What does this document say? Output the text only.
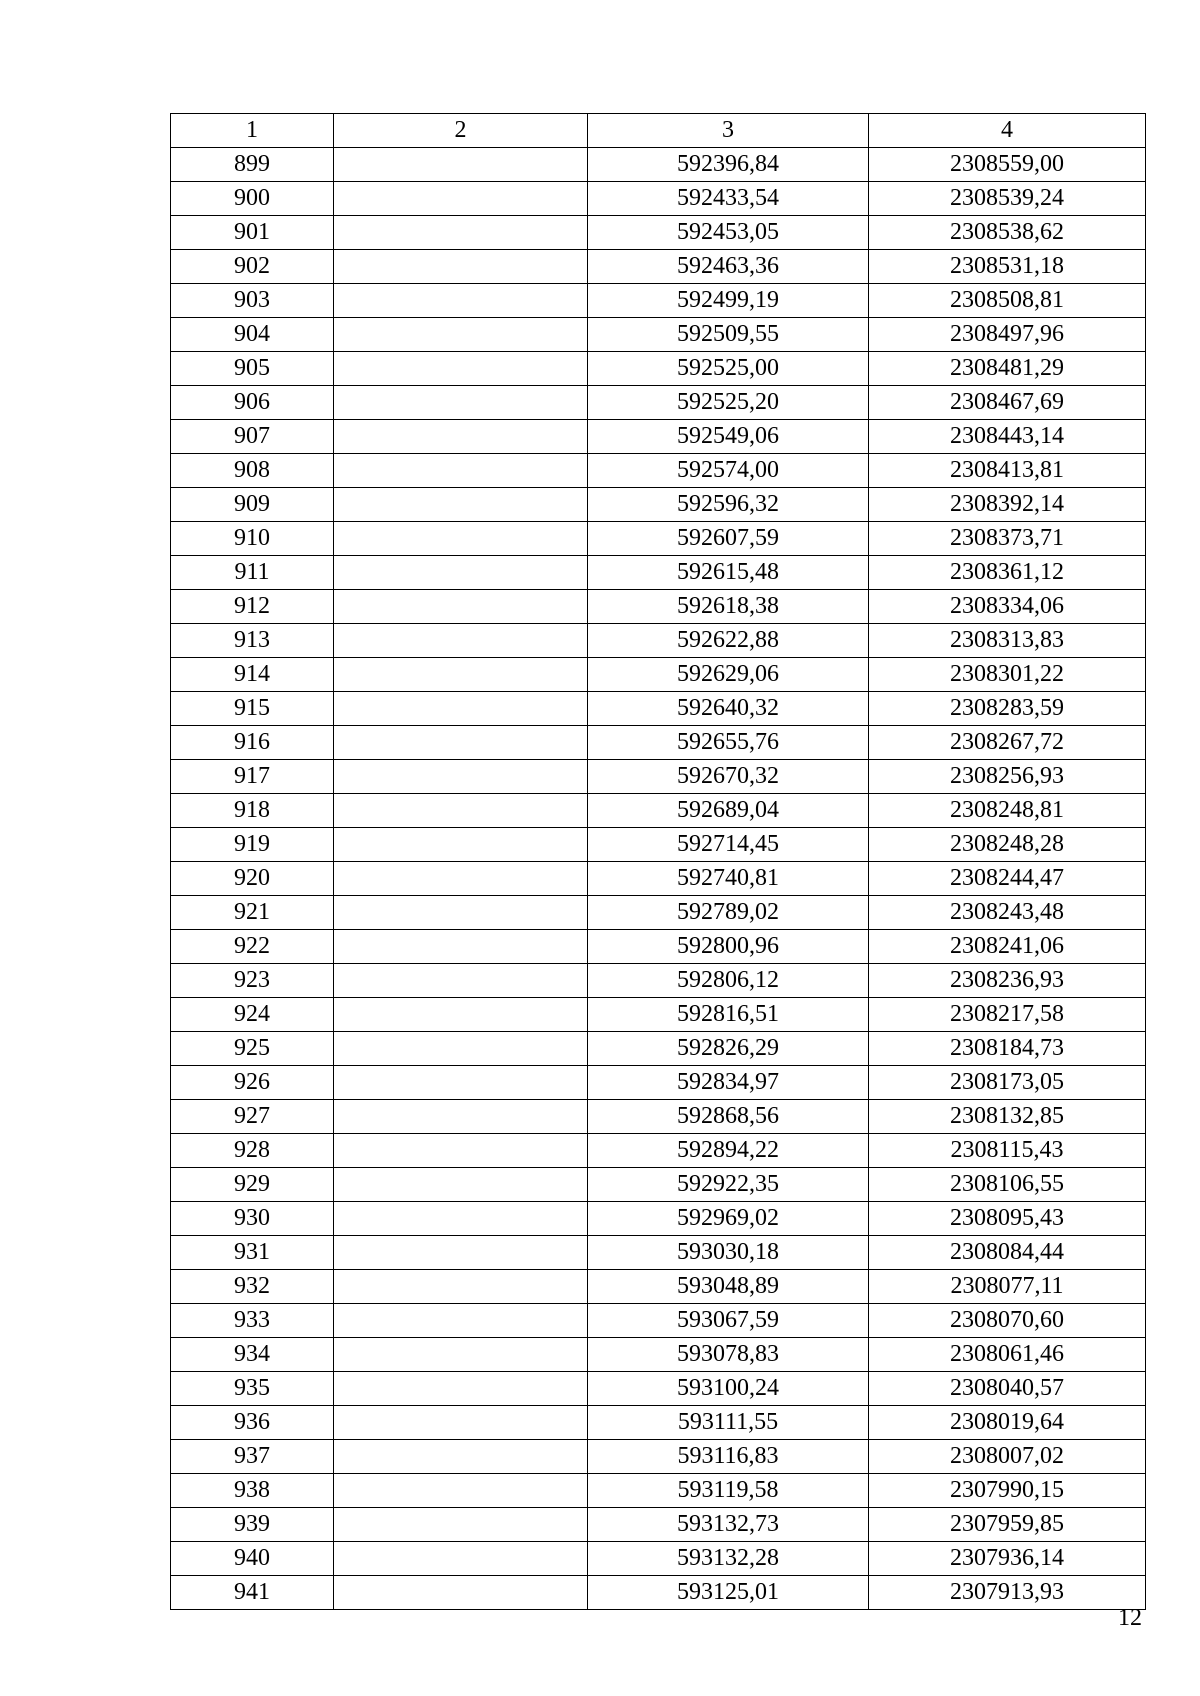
1	2	3	4
899		592396,84	2308559,00
900		592433,54	2308539,24
901		592453,05	2308538,62
902		592463,36	2308531,18
903		592499,19	2308508,81
904		592509,55	2308497,96
905		592525,00	2308481,29
906		592525,20	2308467,69
907		592549,06	2308443,14
908		592574,00	2308413,81
909		592596,32	2308392,14
910		592607,59	2308373,71
911		592615,48	2308361,12
912		592618,38	2308334,06
913		592622,88	2308313,83
914		592629,06	2308301,22
915		592640,32	2308283,59
916		592655,76	2308267,72
917		592670,32	2308256,93
918		592689,04	2308248,81
919		592714,45	2308248,28
920		592740,81	2308244,47
921		592789,02	2308243,48
922		592800,96	2308241,06
923		592806,12	2308236,93
924		592816,51	2308217,58
925		592826,29	2308184,73
926		592834,97	2308173,05
927		592868,56	2308132,85
928		592894,22	2308115,43
929		592922,35	2308106,55
930		592969,02	2308095,43
931		593030,18	2308084,44
932		593048,89	2308077,11
933		593067,59	2308070,60
934		593078,83	2308061,46
935		593100,24	2308040,57
936		593111,55	2308019,64
937		593116,83	2308007,02
938		593119,58	2307990,15
939		593132,73	2307959,85
940		593132,28	2307936,14
941		593125,01	2307913,93
12
